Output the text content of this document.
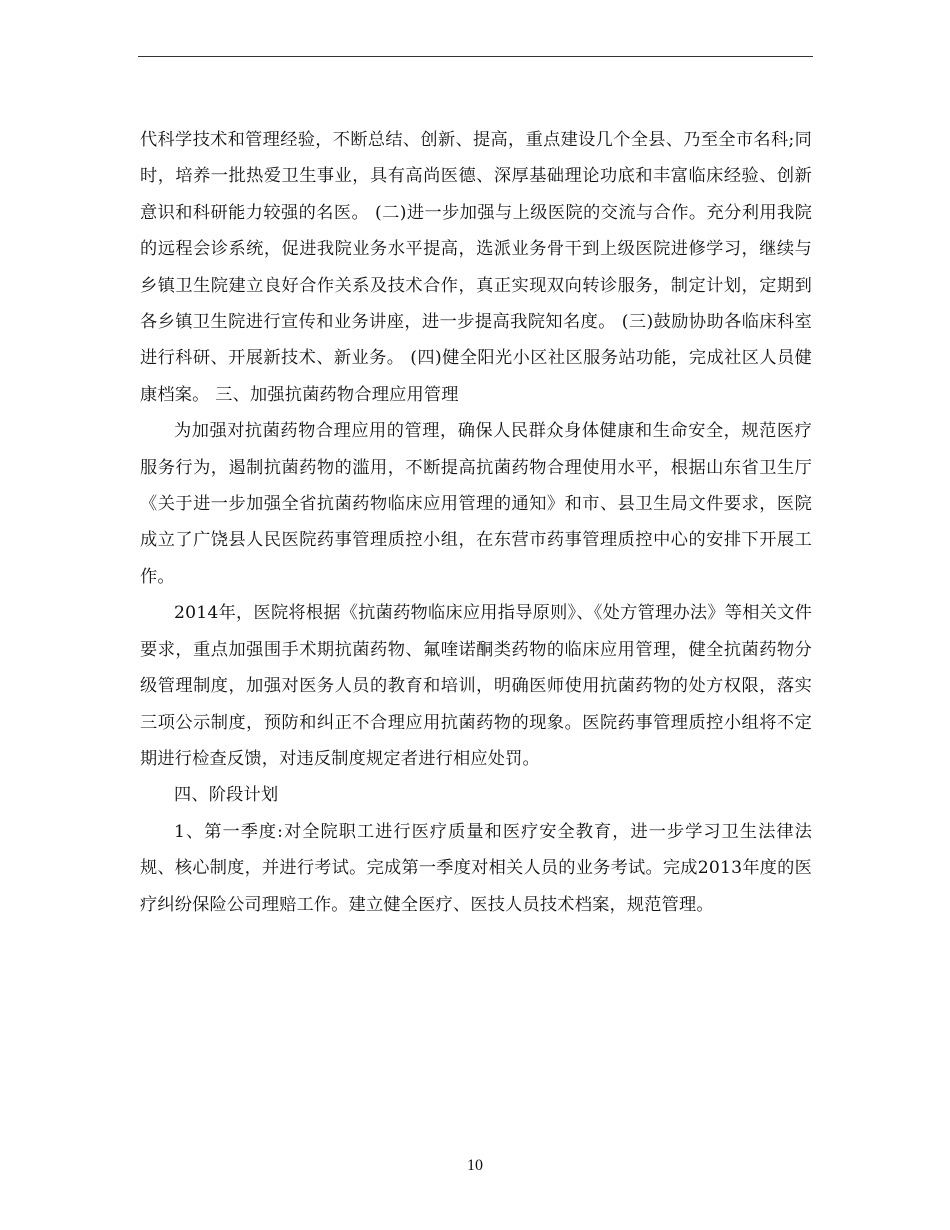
代科学技术和管理经验，不断总结、创新、提高，重点建设几个全县、乃至全市名科;同时，培养一批热爱卫生事业，具有高尚医德、深厚基础理论功底和丰富临床经验、创新意识和科研能力较强的名医。 (二)进一步加强与上级医院的交流与合作。充分利用我院的远程会诊系统，促进我院业务水平提高，选派业务骨干到上级医院进修学习，继续与乡镇卫生院建立良好合作关系及技术合作，真正实现双向转诊服务，制定计划，定期到各乡镇卫生院进行宣传和业务讲座，进一步提高我院知名度。 (三)鼓励协助各临床科室进行科研、开展新技术、新业务。 (四)健全阳光小区社区服务站功能，完成社区人员健康档案。 三、加强抗菌药物合理应用管理

为加强对抗菌药物合理应用的管理，确保人民群众身体健康和生命安全，规范医疗服务行为，遏制抗菌药物的滥用，不断提高抗菌药物合理使用水平，根据山东省卫生厅《关于进一步加强全省抗菌药物临床应用管理的通知》和市、县卫生局文件要求，医院成立了广饶县人民医院药事管理质控小组，在东营市药事管理质控中心的安排下开展工作。

2014年，医院将根据《抗菌药物临床应用指导原则》、《处方管理办法》等相关文件要求，重点加强围手术期抗菌药物、氟喹诺酮类药物的临床应用管理，健全抗菌药物分级管理制度，加强对医务人员的教育和培训，明确医师使用抗菌药物的处方权限，落实三项公示制度，预防和纠正不合理应用抗菌药物的现象。医院药事管理质控小组将不定期进行检查反馈，对违反制度规定者进行相应处罚。

四、阶段计划

1、第一季度:对全院职工进行医疗质量和医疗安全教育，进一步学习卫生法律法规、核心制度，并进行考试。完成第一季度对相关人员的业务考试。完成2013年度的医疗纠纷保险公司理赔工作。建立健全医疗、医技人员技术档案，规范管理。

10
